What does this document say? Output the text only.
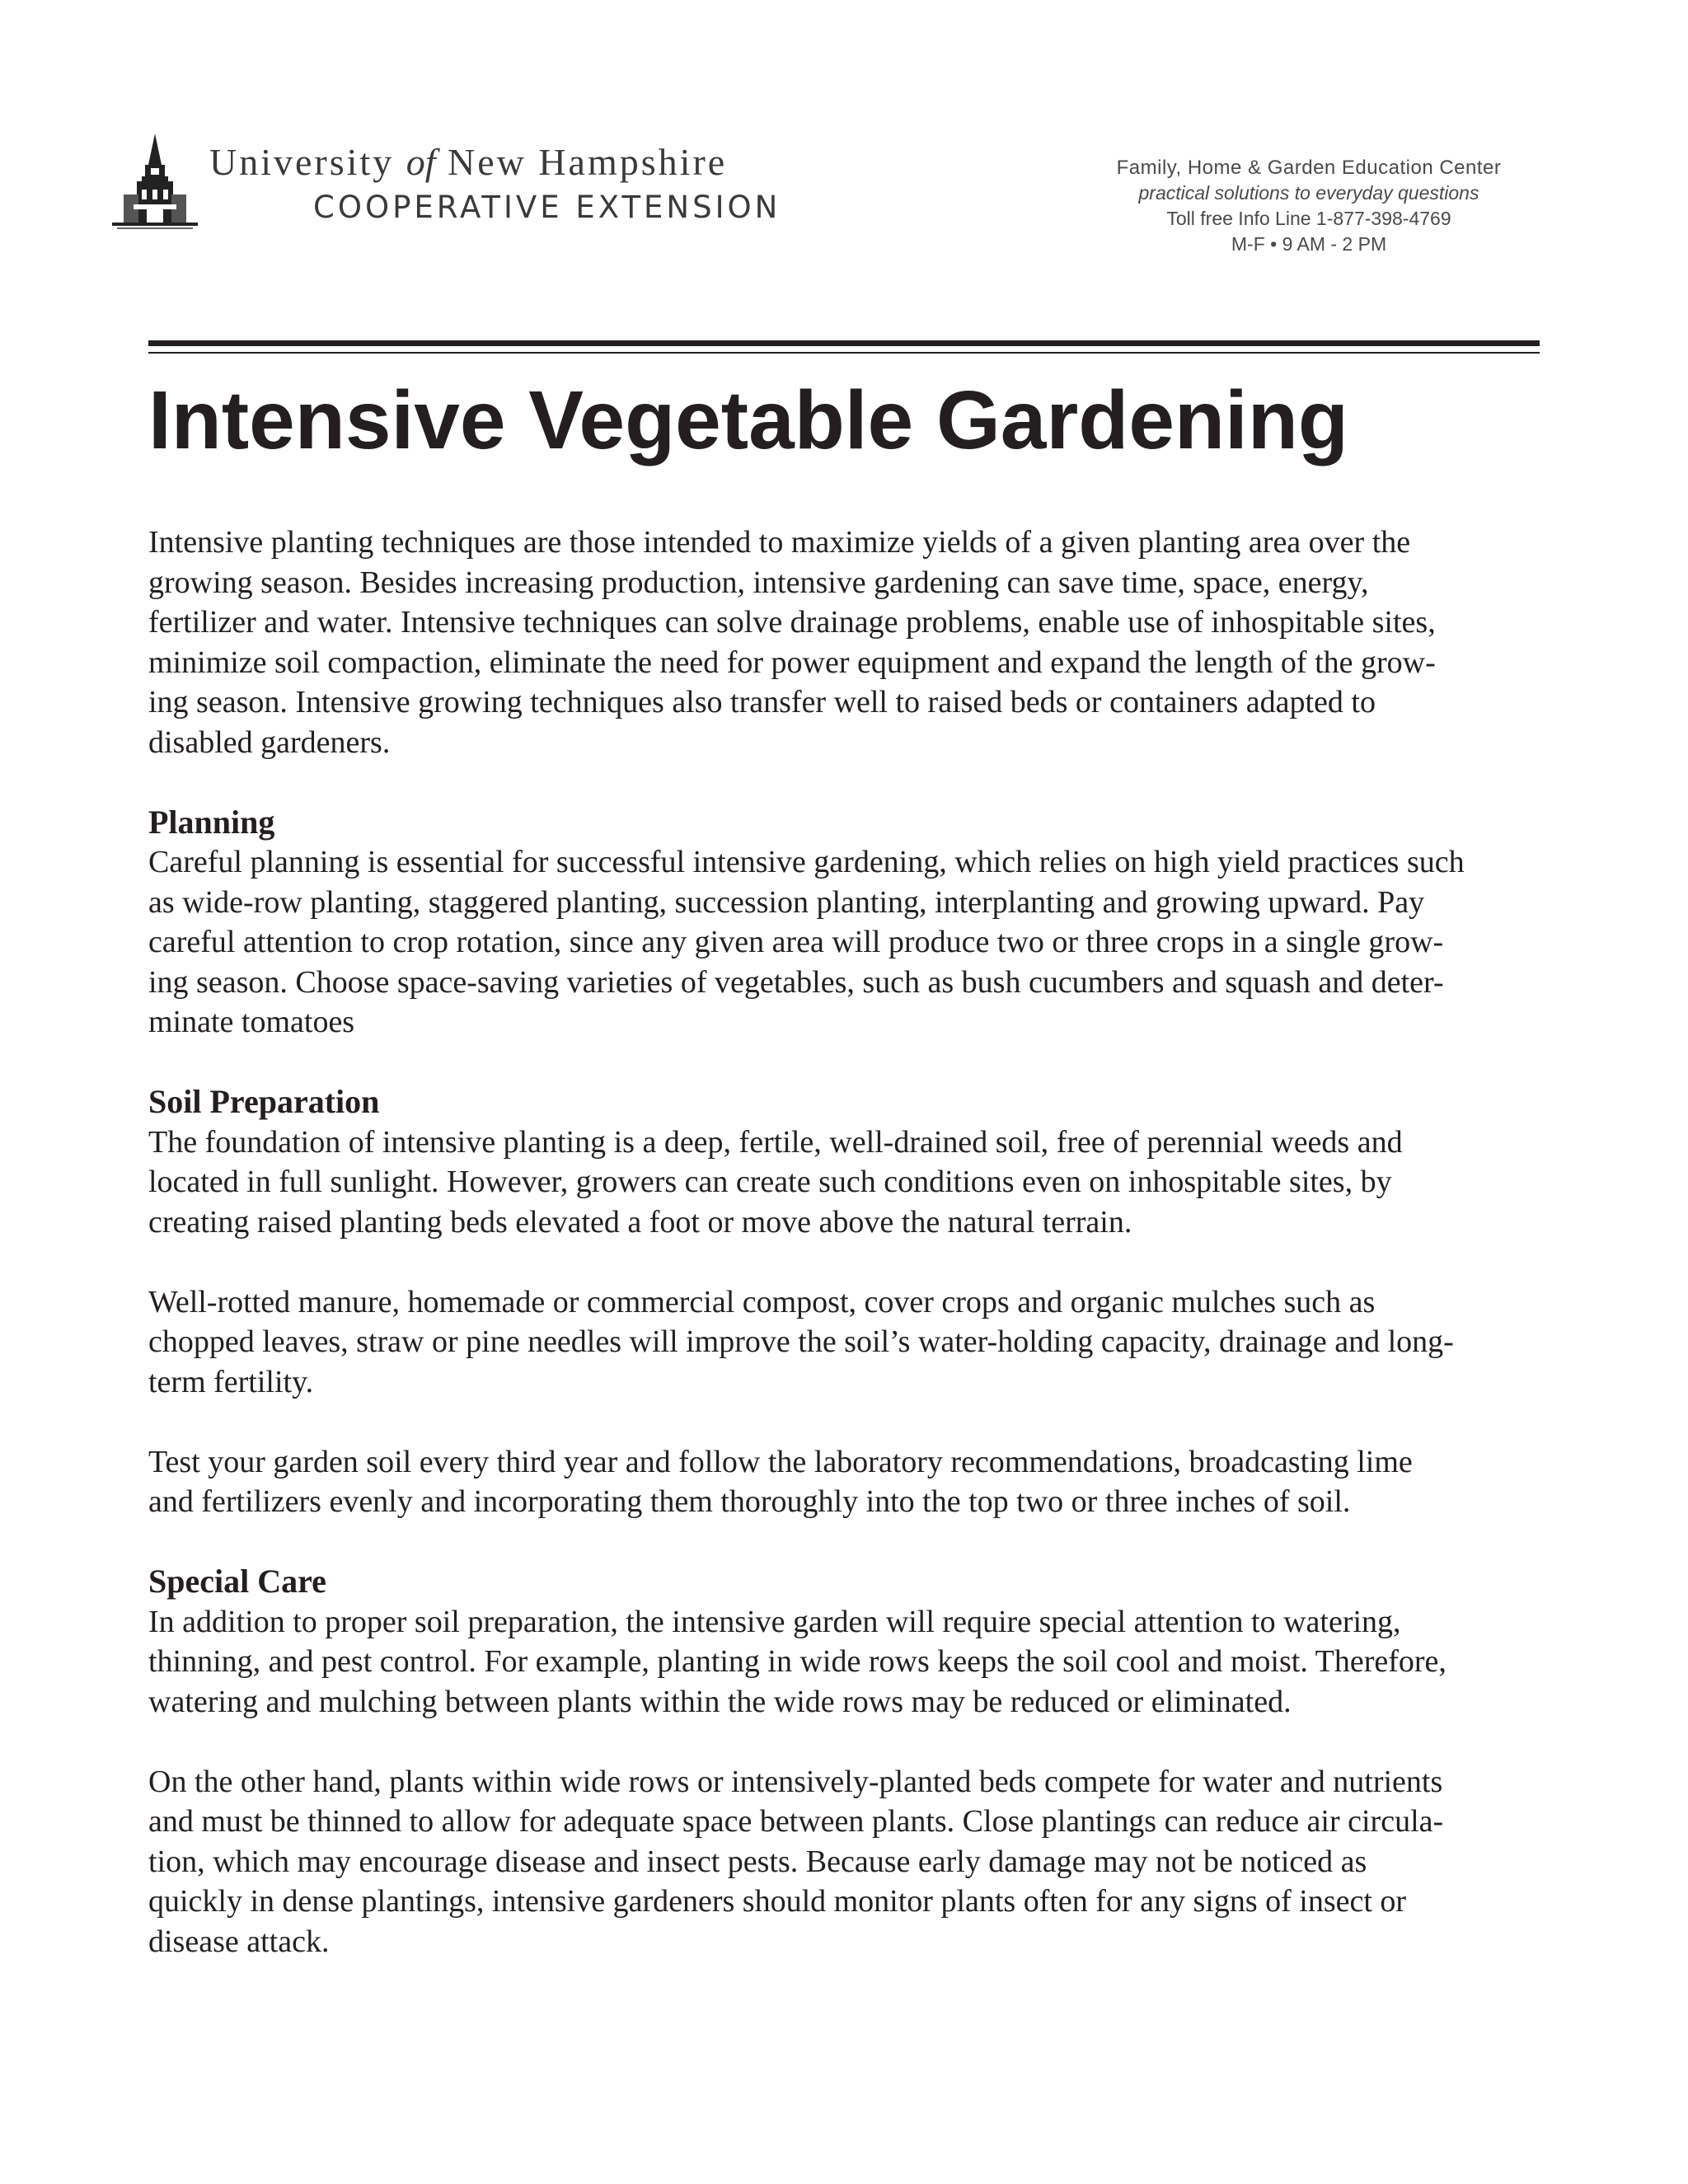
University of New Hampshire
COOPERATIVE EXTENSION
Family, Home & Garden Education Center
practical solutions to everyday questions
Toll free Info Line 1-877-398-4769
M-F • 9 AM - 2 PM
Intensive Vegetable Gardening
Intensive planting techniques are those intended to maximize yields of a given planting area over the
growing season. Besides increasing production, intensive gardening can save time, space, energy,
fertilizer and water. Intensive techniques can solve drainage problems, enable use of inhospitable sites,
minimize soil compaction, eliminate the need for power equipment and expand the length of the grow-
ing season. Intensive growing techniques also transfer well to raised beds or containers adapted to
disabled gardeners.
Planning
Careful planning is essential for successful intensive gardening, which relies on high yield practices such
as wide-row planting, staggered planting, succession planting, interplanting and growing upward. Pay
careful attention to crop rotation, since any given area will produce two or three crops in a single grow-
ing season. Choose space-saving varieties of vegetables, such as bush cucumbers and squash and deter-
minate tomatoes
Soil Preparation
The foundation of intensive planting is a deep, fertile, well-drained soil, free of perennial weeds and
located in full sunlight. However, growers can create such conditions even on inhospitable sites, by
creating raised planting beds elevated a foot or move above the natural terrain.
Well-rotted manure, homemade or commercial compost, cover crops and organic mulches such as
chopped leaves, straw or pine needles will improve the soil’s water-holding capacity, drainage and long-
term fertility.
Test your garden soil every third year and follow the laboratory recommendations, broadcasting lime
and fertilizers evenly and incorporating them thoroughly into the top two or three inches of soil.
Special Care
In addition to proper soil preparation, the intensive garden will require special attention to watering,
thinning, and pest control. For example, planting in wide rows keeps the soil cool and moist. Therefore,
watering and mulching between plants within the wide rows may be reduced or eliminated.
On the other hand, plants within wide rows or intensively-planted beds compete for water and nutrients
and must be thinned to allow for adequate space between plants. Close plantings can reduce air circula-
tion, which may encourage disease and insect pests. Because early damage may not be noticed as
quickly in dense plantings, intensive gardeners should monitor plants often for any signs of insect or
disease attack.
